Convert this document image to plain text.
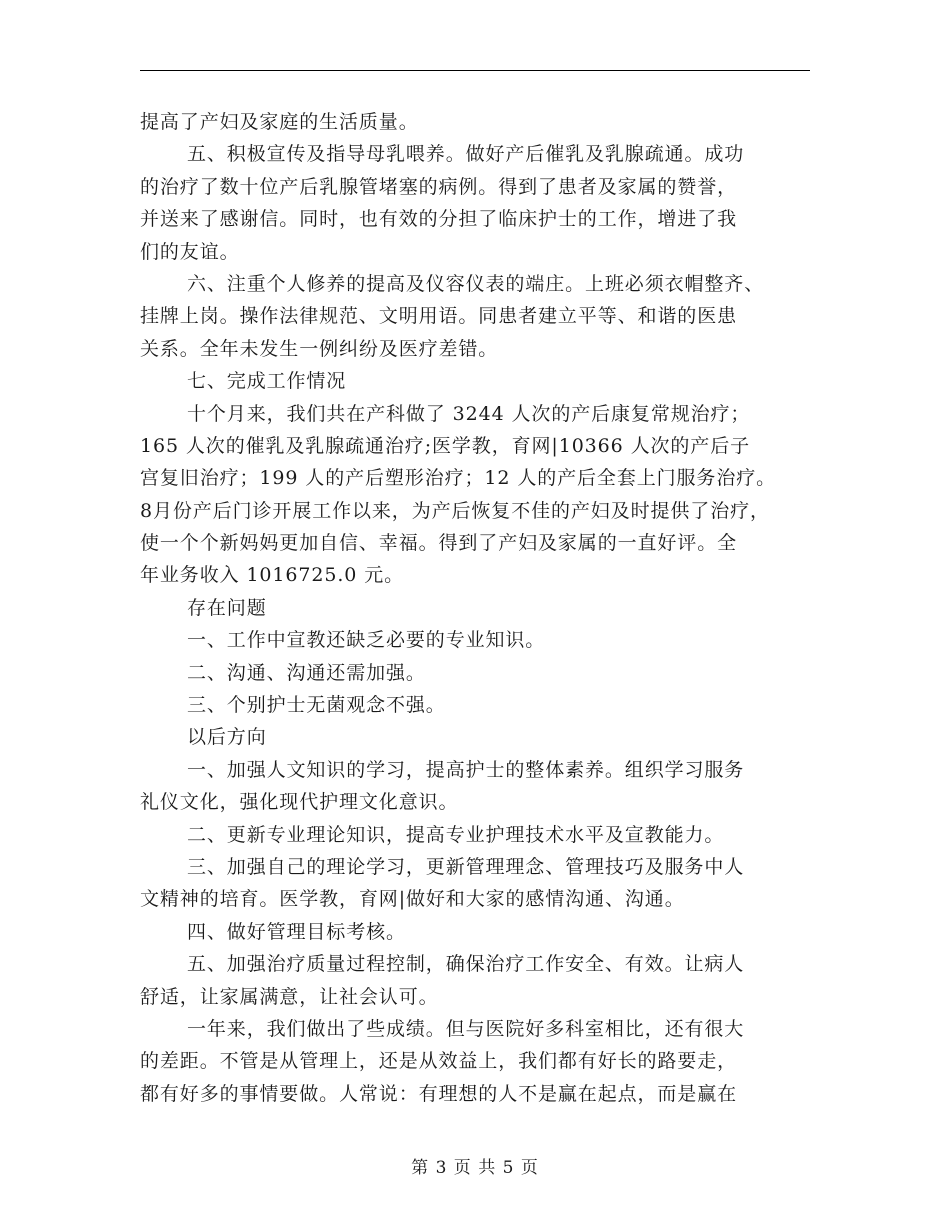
提高了产妇及家庭的生活质量。

五、积极宣传及指导母乳喂养。做好产后催乳及乳腺疏通。成功

的治疗了数十位产后乳腺管堵塞的病例。得到了患者及家属的赞誉，

并送来了感谢信。同时，也有效的分担了临床护士的工作，增进了我

们的友谊。

六、注重个人修养的提高及仪容仪表的端庄。上班必须衣帽整齐、

挂牌上岗。操作法律规范、文明用语。同患者建立平等、和谐的医患

关系。全年未发生一例纠纷及医疗差错。

七、完成工作情况

十个月来，我们共在产科做了 3244 人次的产后康复常规治疗；

165 人次的催乳及乳腺疏通治疗;医学教，育网|10366 人次的产后子

宫复旧治疗；199 人的产后塑形治疗；12 人的产后全套上门服务治疗。

8月份产后门诊开展工作以来，为产后恢复不佳的产妇及时提供了治疗，

使一个个新妈妈更加自信、幸福。得到了产妇及家属的一直好评。全

年业务收入 1016725.0 元。

存在问题

一、工作中宣教还缺乏必要的专业知识。

二、沟通、沟通还需加强。

三、个别护士无菌观念不强。

以后方向

一、加强人文知识的学习，提高护士的整体素养。组织学习服务

礼仪文化，强化现代护理文化意识。

二、更新专业理论知识，提高专业护理技术水平及宣教能力。

三、加强自己的理论学习，更新管理理念、管理技巧及服务中人

文精神的培育。医学教，育网|做好和大家的感情沟通、沟通。

四、做好管理目标考核。

五、加强治疗质量过程控制，确保治疗工作安全、有效。让病人

舒适，让家属满意，让社会认可。

一年来，我们做出了些成绩。但与医院好多科室相比，还有很大

的差距。不管是从管理上，还是从效益上，我们都有好长的路要走，

都有好多的事情要做。人常说：有理想的人不是赢在起点，而是赢在

第 3 页 共 5 页
